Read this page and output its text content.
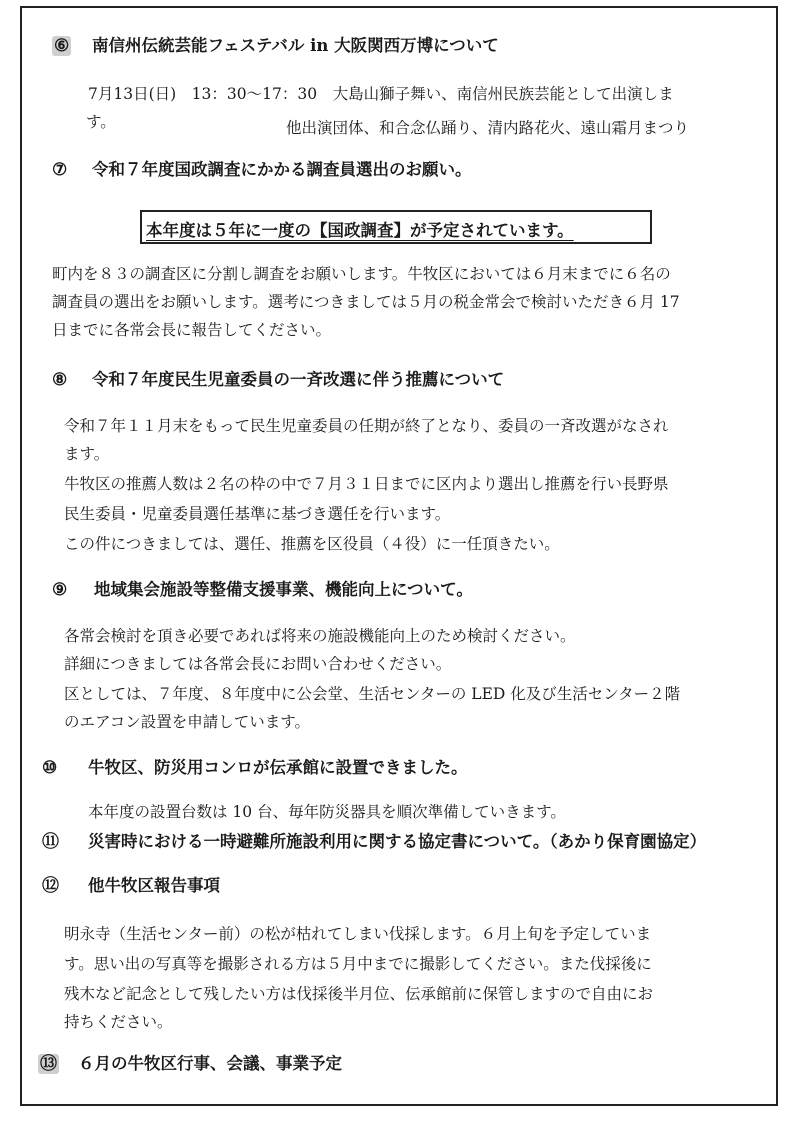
⑥ 南信州伝統芸能フェステバル in 大阪関西万博について
7月13日(日)　13：30～17：30　大島山獅子舞い、南信州民族芸能として出演しま
す。	他出演団体、和合念仏踊り、清内路花火、遠山霜月まつり
⑦ 令和７年度国政調査にかかる調査員選出のお願い。
本年度は５年に一度の【国政調査】が予定されています。
町内を８３の調査区に分割し調査をお願いします。牛牧区においては６月末までに６名の
調査員の選出をお願いします。選考につきましては５月の税金常会で検討いただき６月 17
日までに各常会長に報告してください。
⑧ 令和７年度民生児童委員の一斉改選に伴う推薦について
令和７年１１月末をもって民生児童委員の任期が終了となり、委員の一斉改選がなされ
ます。
牛牧区の推薦人数は２名の枠の中で７月３１日までに区内より選出し推薦を行い長野県
民生委員・児童委員選任基準に基づき選任を行います。
この件につきましては、選任、推薦を区役員（４役）に一任頂きたい。
⑨ 地域集会施設等整備支援事業、機能向上について。
各常会検討を頂き必要であれば将来の施設機能向上のため検討ください。
詳細につきましては各常会長にお問い合わせください。
区としては、７年度、８年度中に公会堂、生活センターの LED 化及び生活センター２階
のエアコン設置を申請しています。
⑩ 牛牧区、防災用コンロが伝承館に設置できました。
本年度の設置台数は 10 台、毎年防災器具を順次準備していきます。
⑪ 災害時における一時避難所施設利用に関する協定書について。（あかり保育園協定）
⑫ 他牛牧区報告事項
明永寺（生活センター前）の松が枯れてしまい伐採します。６月上旬を予定していま
す。思い出の写真等を撮影される方は５月中までに撮影してください。また伐採後に
残木など記念として残したい方は伐採後半月位、伝承館前に保管しますので自由にお
持ちください。
⑬ ６月の牛牧区行事、会議、事業予定
